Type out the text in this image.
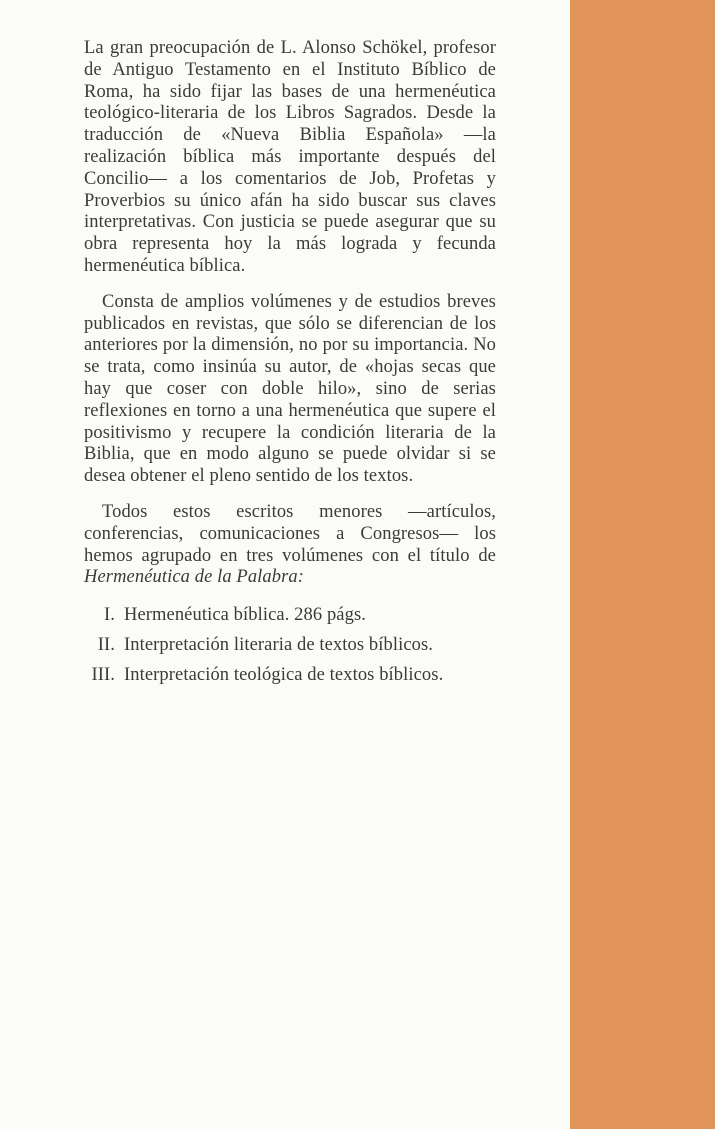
La gran preocupación de L. Alonso Schökel, profesor de Antiguo Testamento en el Instituto Bíblico de Roma, ha sido fijar las bases de una hermenéutica teológico-literaria de los Libros Sagrados. Desde la traducción de «Nueva Biblia Española» —la realización bíblica más importante después del Concilio— a los comentarios de Job, Profetas y Proverbios su único afán ha sido buscar sus claves interpretativas. Con justicia se puede asegurar que su obra representa hoy la más lograda y fecunda hermenéutica bíblica.

Consta de amplios volúmenes y de estudios breves publicados en revistas, que sólo se diferencian de los anteriores por la dimensión, no por su importancia. No se trata, como insinúa su autor, de «hojas secas que hay que coser con doble hilo», sino de serias reflexiones en torno a una hermenéutica que supere el positivismo y recupere la condición literaria de la Biblia, que en modo alguno se puede olvidar si se desea obtener el pleno sentido de los textos.

Todos estos escritos menores —artículos, conferencias, comunicaciones a Congresos— los hemos agrupado en tres volúmenes con el título de Hermenéutica de la Palabra:

I. Hermenéutica bíblica. 286 págs.
II. Interpretación literaria de textos bíblicos.
III. Interpretación teológica de textos bíblicos.
